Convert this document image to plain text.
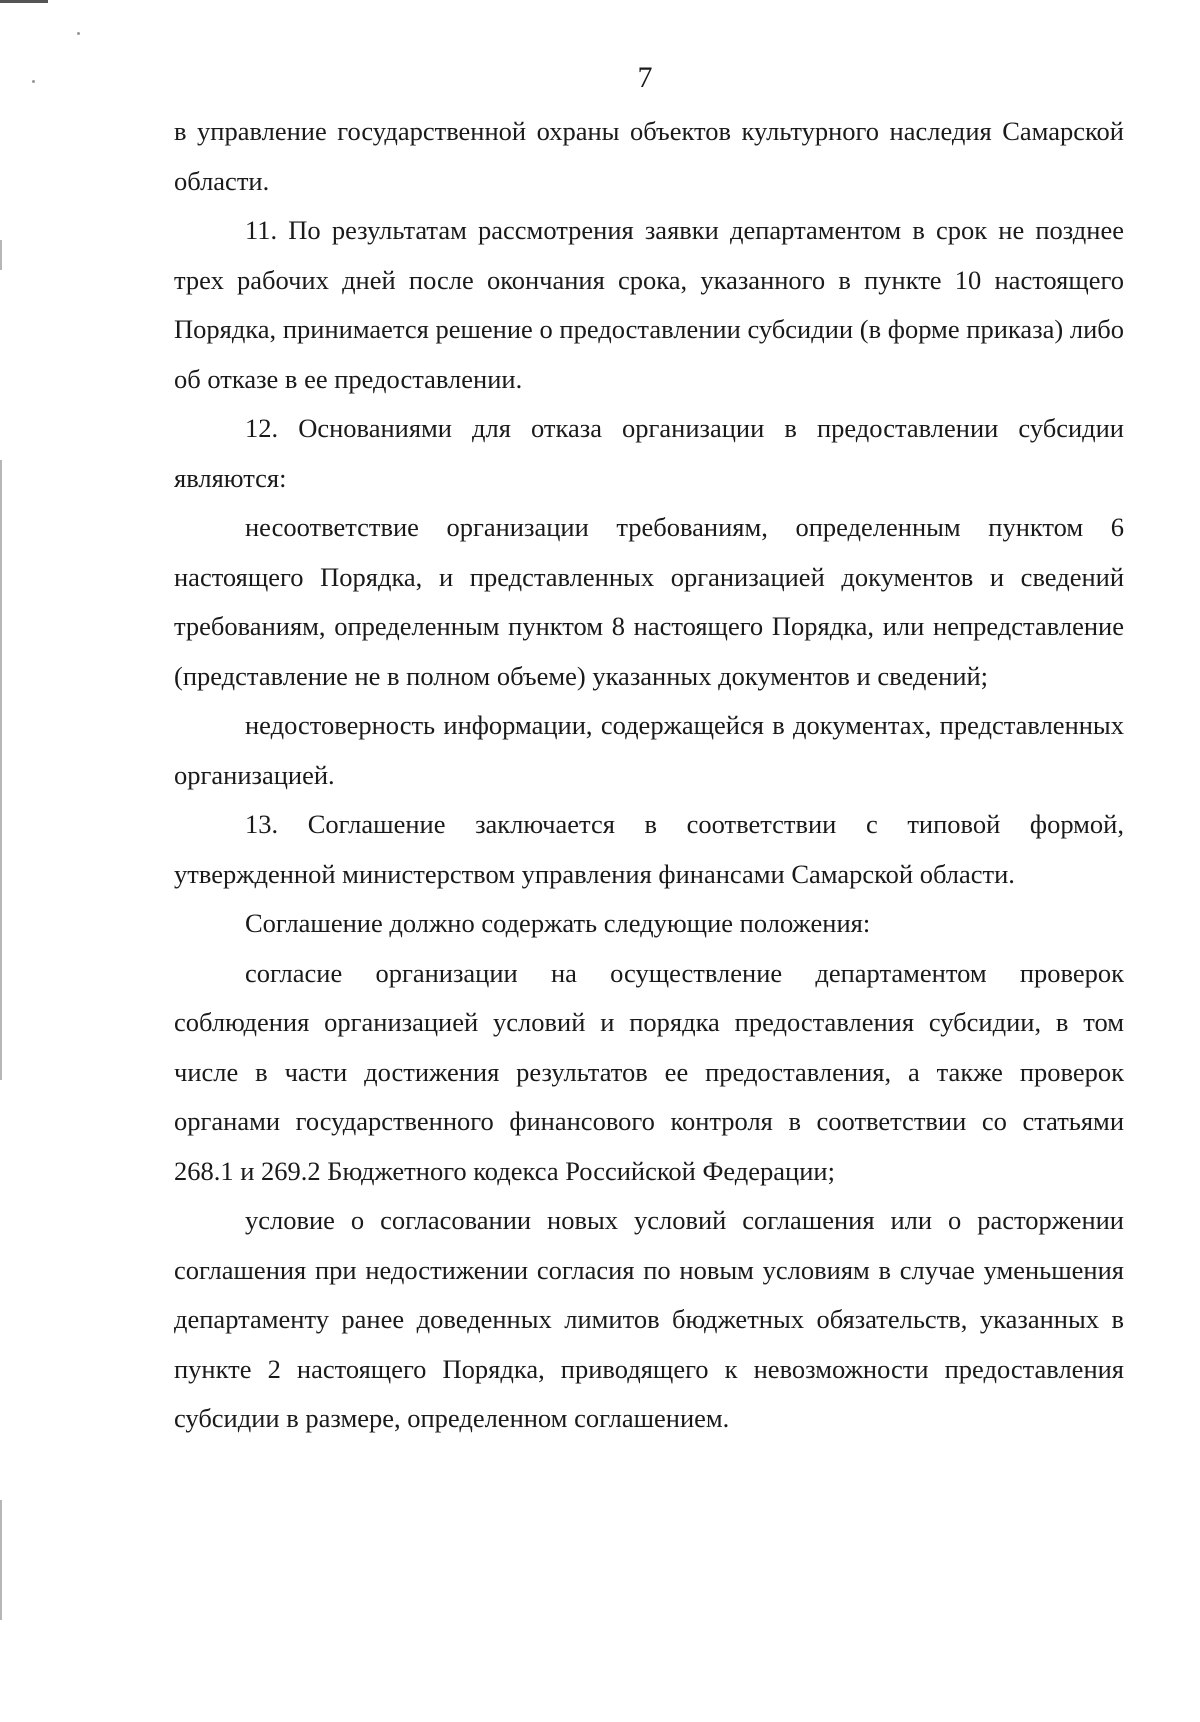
7

в управление государственной охраны объектов культурного наследия Самарской области.

11. По результатам рассмотрения заявки департаментом в срок не позднее трех рабочих дней после окончания срока, указанного в пункте 10 настоящего Порядка, принимается решение о предоставлении субсидии (в форме приказа) либо об отказе в ее предоставлении.

12. Основаниями для отказа организации в предоставлении субсидии являются:

несоответствие организации требованиям, определенным пунктом 6 настоящего Порядка, и представленных организацией документов и сведений требованиям, определенным пунктом 8 настоящего Порядка, или непредставление (представление не в полном объеме) указанных документов и сведений;

недостоверность информации, содержащейся в документах, представленных организацией.

13. Соглашение заключается в соответствии с типовой формой, утвержденной министерством управления финансами Самарской области.

Соглашение должно содержать следующие положения:

согласие организации на осуществление департаментом проверок соблюдения организацией условий и порядка предоставления субсидии, в том числе в части достижения результатов ее предоставления, а также проверок органами государственного финансового контроля в соответствии со статьями 268.1 и 269.2 Бюджетного кодекса Российской Федерации;

условие о согласовании новых условий соглашения или о расторжении соглашения при недостижении согласия по новым условиям в случае уменьшения департаменту ранее доведенных лимитов бюджетных обязательств, указанных в пункте 2 настоящего Порядка, приводящего к невозможности предоставления субсидии в размере, определенном соглашением.
